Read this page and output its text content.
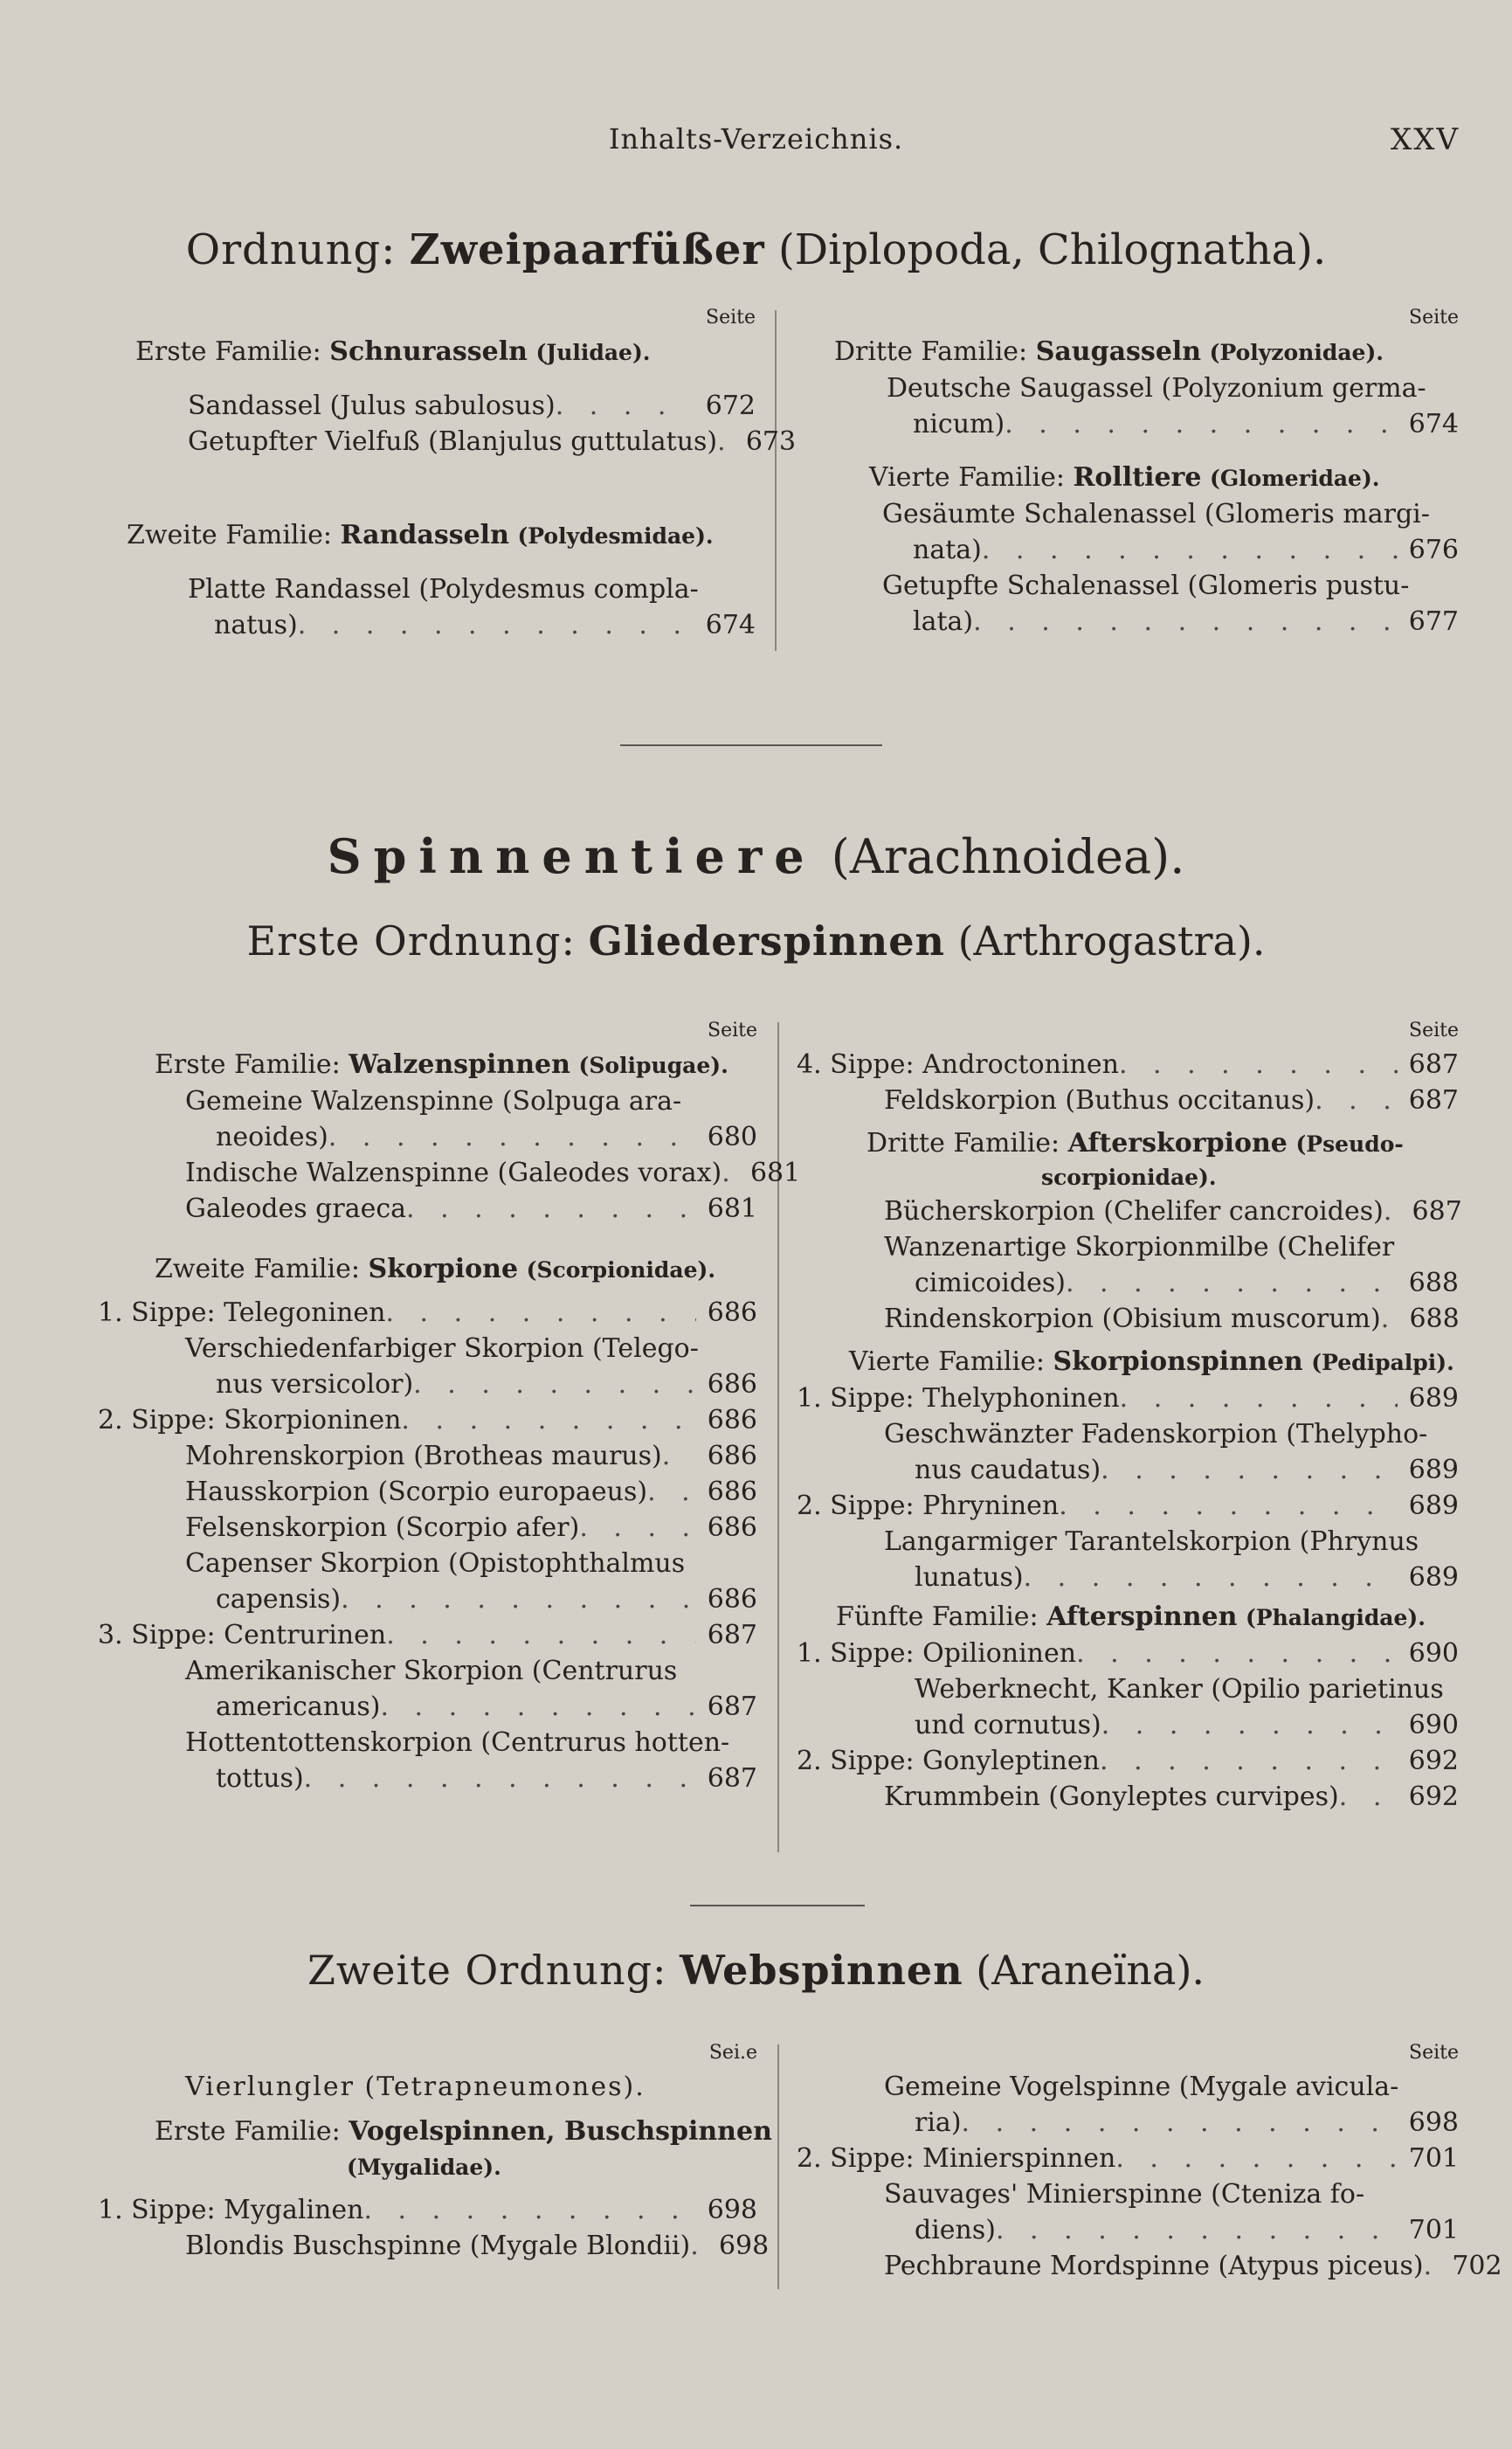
Inhalts-Verzeichnis.	XXV
Ordnung: Zweipaarfüßer (Diplopoda, Chilognatha).
Seite
Erste Familie: Schnurasseln (Julidae).
Sandassel (Julus sabulosus) . . .	672
Getupfter Vielfuß (Blanjulus guttulatus) . . .	673
Zweite Familie: Randasseln (Polydesmidae).
Platte Randassel (Polydesmus compla-
natus) . . .	674
Seite
Dritte Familie: Saugasseln (Polyzonidae).
Deutsche Saugassel (Polyzonium germa-
nicum) . . .	674
Vierte Familie: Rolltiere (Glomeridae).
Gesäumte Schalenassel (Glomeris margi-
nata) . . .	676
Getupfte Schalenassel (Glomeris pustu-
lata) . . .	677
Spinnentiere (Arachnoidea).
Erste Ordnung: Gliederspinnen (Arthrogastra).
Seite
Erste Familie: Walzenspinnen (Solipugae).
Gemeine Walzenspinne (Solpuga ara-
neoides) . . .	680
Indische Walzenspinne (Galeodes vorax) . . .	681
Galeodes graeca . . .	681
Zweite Familie: Skorpione (Scorpionidae).
1. Sippe: Telegoninen . . .	686
Verschiedenfarbiger Skorpion (Telego-
nus versicolor) . . .	686
2. Sippe: Skorpioninen . . .	686
Mohrenskorpion (Brotheas maurus) . . .	686
Hausskorpion (Scorpio europaeus) . . .	686
Felsenskorpion (Scorpio afer) . . .	686
Capenser Skorpion (Opistophthalmus
capensis) . . .	686
3. Sippe: Centrurinen . . .	687
Amerikanischer Skorpion (Centrurus
americanus) . . .	687
Hottentottenskorpion (Centrurus hotten-
tottus) . . .	687
Seite
4. Sippe: Androctoninen . . .	687
Feldskorpion (Buthus occitanus) . . .	687
Dritte Familie: Afterskorpione (Pseudo-
scorpionidae).
Bücherskorpion (Chelifer cancroides) . . .	687
Wanzenartige Skorpionmilbe (Chelifer
cimicoides) . . .	688
Rindenskorpion (Obisium muscorum) . . .	688
Vierte Familie: Skorpionspinnen (Pedipalpi).
1. Sippe: Thelyphoninen . . .	689
Geschwänzter Fadenskorpion (Thelypho-
nus caudatus) . . .	689
2. Sippe: Phryninen . . .	689
Langarmiger Tarantelskorpion (Phrynus
lunatus) . . .	689
Fünfte Familie: Afterspinnen (Phalangidae).
1. Sippe: Opilioninen . . .	690
Weberknecht, Kanker (Opilio parietinus
und cornutus) . . .	690
2. Sippe: Gonyleptinen . . .	692
Krummbein (Gonyleptes curvipes) . . .	692
Zweite Ordnung: Webspinnen (Araneïna).
Sei.e
Vierlungler (Tetrapneumones).
Erste Familie: Vogelspinnen, Buschspinnen
(Mygalidae).
1. Sippe: Mygalinen . . .	698
Blondis Buschspinne (Mygale Blondii) . . .	698
Seite
Gemeine Vogelspinne (Mygale avicula-
ria) . . .	698
2. Sippe: Minierspinnen . . .	701
Sauvages' Minierspinne (Cteniza fo-
diens) . . .	701
Pechbraune Mordspinne (Atypus piceus) . . .	702
